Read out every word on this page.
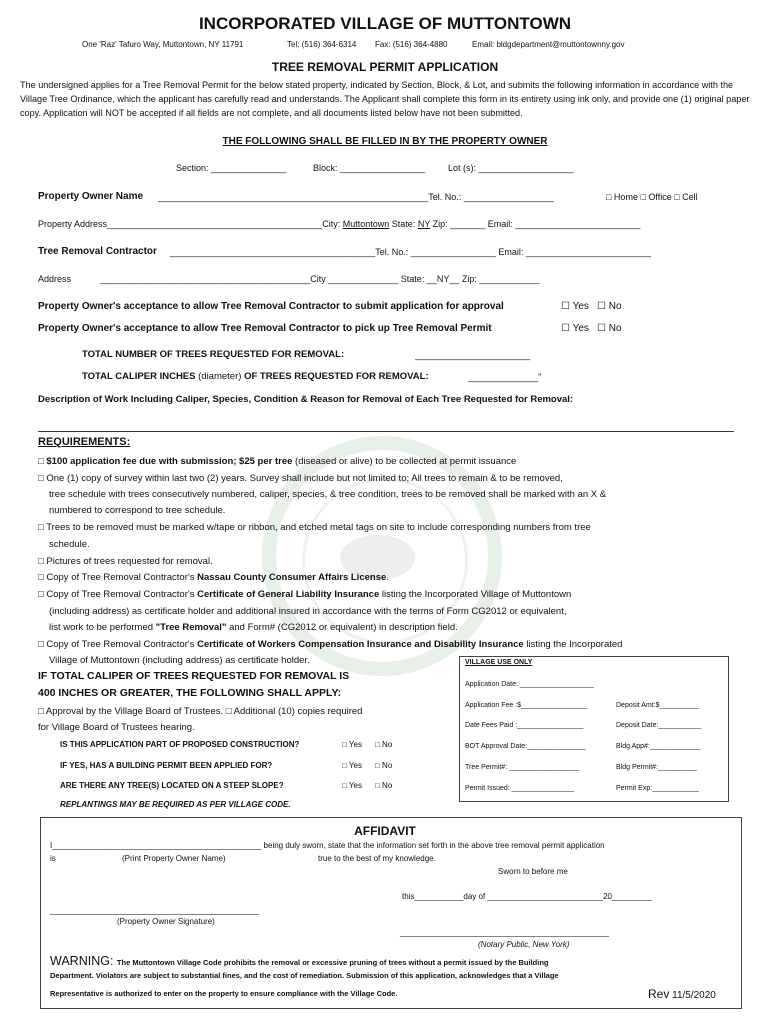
INCORPORATED VILLAGE OF MUTTONTOWN
One 'Raz' Tafuro Way, Muttontown, NY 11791	Tel: (516) 364-6314 Fax: (516) 364-4880	Email: bldgdepartment@muttontownny.gov
TREE REMOVAL PERMIT APPLICATION
The undersigned applies for a Tree Removal Permit for the below stated property, indicated by Section, Block, & Lot, and submits the following information in accordance with the Village Tree Ordinance, which the applicant has carefully read and understands. The Applicant shall complete this form in its entirety using ink only, and provide one (1) original paper copy. Application will NOT be accepted if all fields are not complete, and all documents listed below have not been submitted.
THE FOLLOWING SHALL BE FILLED IN BY THE PROPERTY OWNER
Section: _______________	Block: _________________	Lot (s): ___________________
Property Owner Name ______________________________________________________Tel. No.: __________________	□ Home □ Office □ Cell
Property Address___________________________________________City: Muttontown State: NY Zip: _______ Email: _________________________
Tree Removal Contractor _________________________________________Tel. No.: _________________ Email: _________________________
Address	__________________________________________City ______________ State: __NY__ Zip: ____________
Property Owner's acceptance to allow Tree Removal Contractor to submit application for approval	☐ Yes ☐ No
Property Owner's acceptance to allow Tree Removal Contractor to pick up Tree Removal Permit	☐ Yes ☐ No
TOTAL NUMBER OF TREES REQUESTED FOR REMOVAL:	_______________________
TOTAL CALIPER INCHES (diameter) OF TREES REQUESTED FOR REMOVAL:	______________"
Description of Work Including Caliper, Species, Condition & Reason for Removal of Each Tree Requested for Removal:
REQUIREMENTS:
□ $100 application fee due with submission; $25 per tree (diseased or alive) to be collected at permit issuance
□ One (1) copy of survey within last two (2) years. Survey shall include but not limited to; All trees to remain & to be removed,
tree schedule with trees consecutively numbered, caliper, species, & tree condition, trees to be removed shall be marked with an X &
numbered to correspond to tree schedule.
□ Trees to be removed must be marked w/tape or ribbon, and etched metal tags on site to include corresponding numbers from tree
schedule.
□ Pictures of trees requested for removal.
□ Copy of Tree Removal Contractor's Nassau County Consumer Affairs License.
□ Copy of Tree Removal Contractor's Certificate of General Liability Insurance listing the Incorporated Village of Muttontown
(including address) as certificate holder and additional insured in accordance with the terms of Form CG2012 or equivalent,
list work to be performed "Tree Removal" and Form# (CG2012 or equivalent) in description field.
□ Copy of Tree Removal Contractor's Certificate of Workers Compensation Insurance and Disability Insurance listing the Incorporated
Village of Muttontown (including address) as certificate holder.
IF TOTAL CALIPER OF TREES REQUESTED FOR REMOVAL IS
400 INCHES OR GREATER, THE FOLLOWING SHALL APPLY:
□ Approval by the Village Board of Trustees. □ Additional (10) copies required
for Village Board of Trustees hearing.
IS THIS APPLICATION PART OF PROPOSED CONSTRUCTION?	□ Yes □ No
IF YES, HAS A BUILDING PERMIT BEEN APPLIED FOR?	□ Yes □ No
ARE THERE ANY TREE(S) LOCATED ON A STEEP SLOPE?	□ Yes □ No
REPLANTINGS MAY BE REQUIRED AS PER VILLAGE CODE.
VILLAGE USE ONLY
Application Date: ___________________
Application Fee :$_________________	Deposit Amt:$__________
Date Fees Paid :_________________	Deposit Date:___________
BOT Approval Date:_______________	Bldg App#:_____________
Tree Permit#: __________________	Bldg Permit#:__________
Permit Issued: ________________	Permit Exp:____________
AFFIDAVIT
I_______________________________________________ being duly sworn, state that the information set forth in the above tree removal permit application
is	(Print Property Owner Name)	true to the best of my knowledge.
Sworn to before me
this___________day of __________________________20_________
_______________________________________________
(Property Owner Signature)
_______________________________________________
(Notary Public, New York)
WARNING: The Muttontown Village Code prohibits the removal or excessive pruning of trees without a permit issued by the Building
Department. Violators are subject to substantial fines, and the cost of remediation. Submission of this application, acknowledges that a Village
Representative is authorized to enter on the property to ensure compliance with the Village Code.	Rev 11/5/2020
